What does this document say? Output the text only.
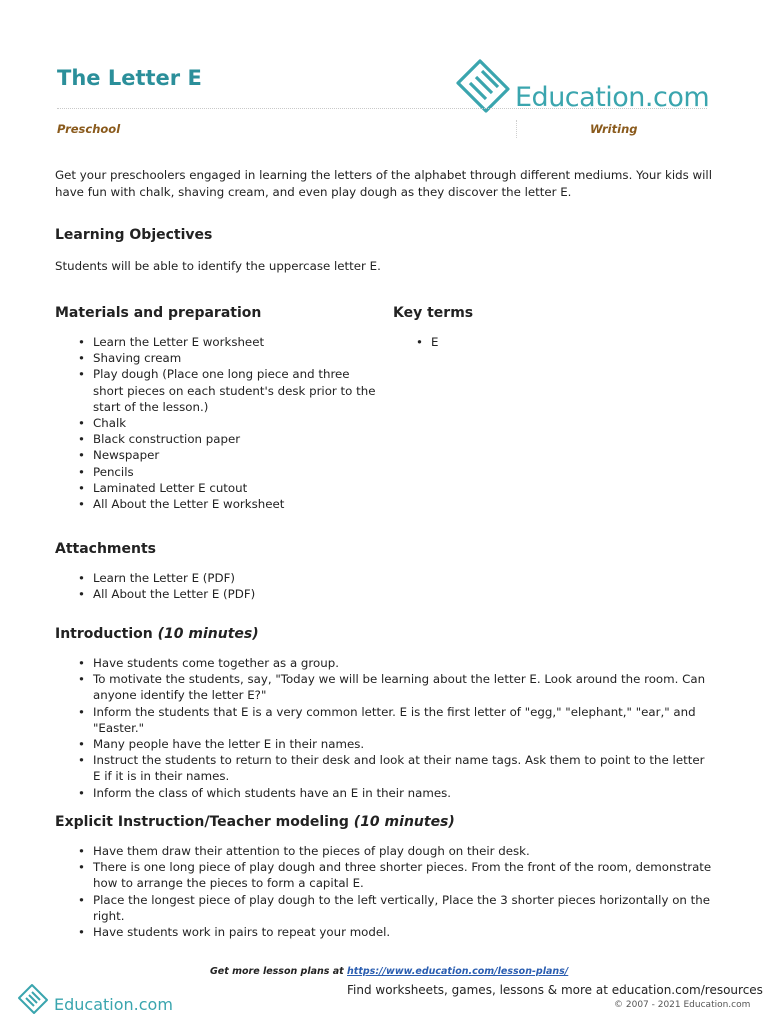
The Letter E
Education.com
Preschool	Writing
Get your preschoolers engaged in learning the letters of the alphabet through different mediums. Your kids will have fun with chalk, shaving cream, and even play dough as they discover the letter E.
Learning Objectives
Students will be able to identify the uppercase letter E.
Materials and preparation
• Learn the Letter E worksheet
• Shaving cream
• Play dough (Place one long piece and three short pieces on each student's desk prior to the start of the lesson.)
• Chalk
• Black construction paper
• Newspaper
• Pencils
• Laminated Letter E cutout
• All About the Letter E worksheet
Key terms
• E
Attachments
• Learn the Letter E (PDF)
• All About the Letter E (PDF)
Introduction (10 minutes)
• Have students come together as a group.
• To motivate the students, say, "Today we will be learning about the letter E. Look around the room. Can anyone identify the letter E?"
• Inform the students that E is a very common letter. E is the first letter of "egg," "elephant," "ear," and "Easter."
• Many people have the letter E in their names.
• Instruct the students to return to their desk and look at their name tags. Ask them to point to the letter E if it is in their names.
• Inform the class of which students have an E in their names.
Explicit Instruction/Teacher modeling (10 minutes)
• Have them draw their attention to the pieces of play dough on their desk.
• There is one long piece of play dough and three shorter pieces. From the front of the room, demonstrate how to arrange the pieces to form a capital E.
• Place the longest piece of play dough to the left vertically, Place the 3 shorter pieces horizontally on the right.
• Have students work in pairs to repeat your model.
Get more lesson plans at https://www.education.com/lesson-plans/
Education.com
Find worksheets, games, lessons & more at education.com/resources
© 2007 - 2021 Education.com
